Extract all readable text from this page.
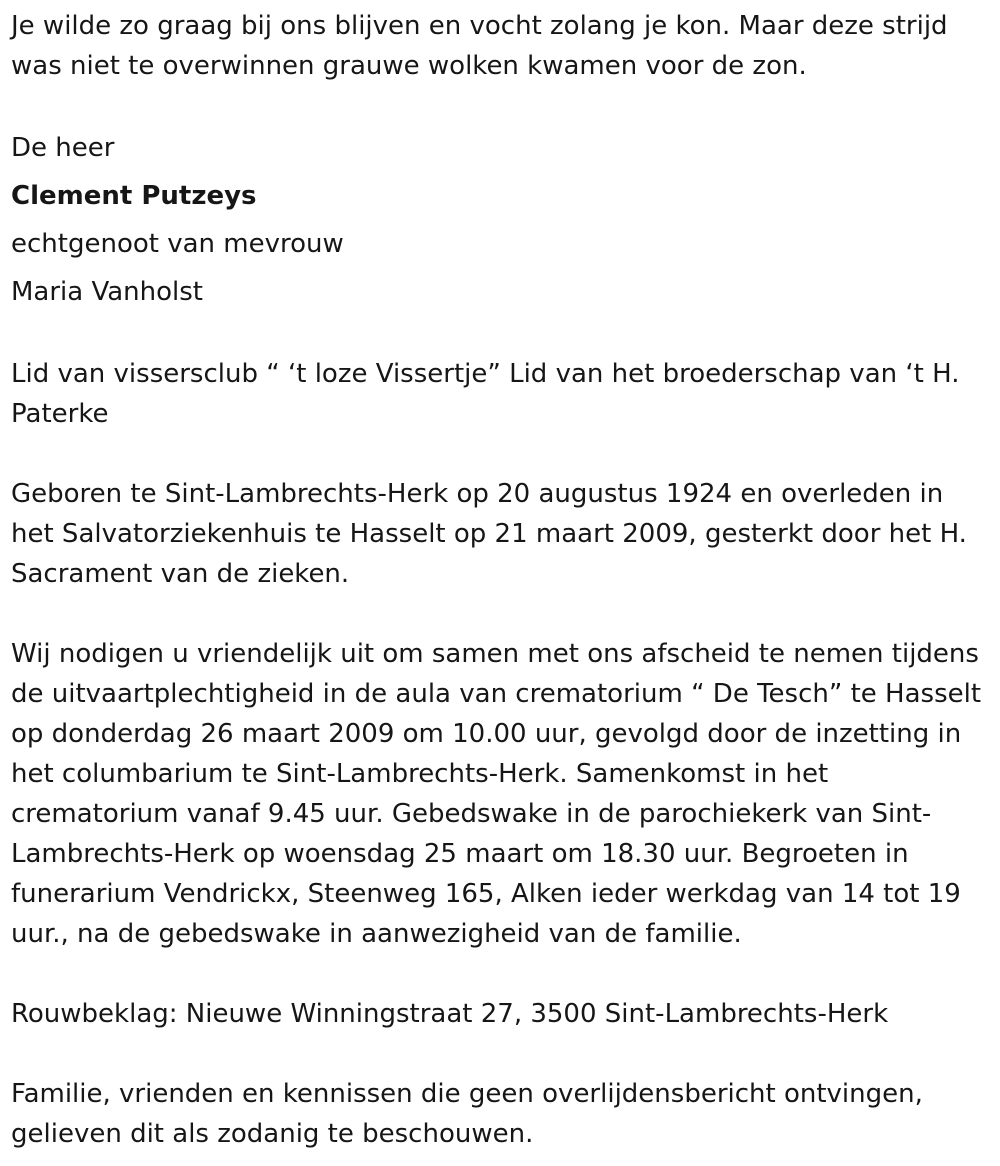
Je wilde zo graag bij ons blijven en vocht zolang je kon. Maar deze strijd was niet te overwinnen grauwe wolken kwamen voor de zon.

De heer
Clement Putzeys
echtgenoot van mevrouw
Maria Vanholst

Lid van vissersclub “ ‘t loze Vissertje” Lid van het broederschap van ‘t H. Paterke

Geboren te Sint-Lambrechts-Herk op 20 augustus 1924 en overleden in het Salvatorziekenhuis te Hasselt op 21 maart 2009, gesterkt door het H. Sacrament van de zieken.

Wij nodigen u vriendelijk uit om samen met ons afscheid te nemen tijdens de uitvaartplechtigheid in de aula van crematorium “ De Tesch” te Hasselt op donderdag 26 maart 2009 om 10.00 uur, gevolgd door de inzetting in het columbarium te Sint-Lambrechts-Herk. Samenkomst in het crematorium vanaf 9.45 uur. Gebedswake in de parochiekerk van Sint-Lambrechts-Herk op woensdag 25 maart om 18.30 uur. Begroeten in funerarium Vendrickx, Steenweg 165, Alken ieder werkdag van 14 tot 19 uur., na de gebedswake in aanwezigheid van de familie.

Rouwbeklag: Nieuwe Winningstraat 27, 3500 Sint-Lambrechts-Herk

Familie, vrienden en kennissen die geen overlijdensbericht ontvingen, gelieven dit als zodanig te beschouwen.
